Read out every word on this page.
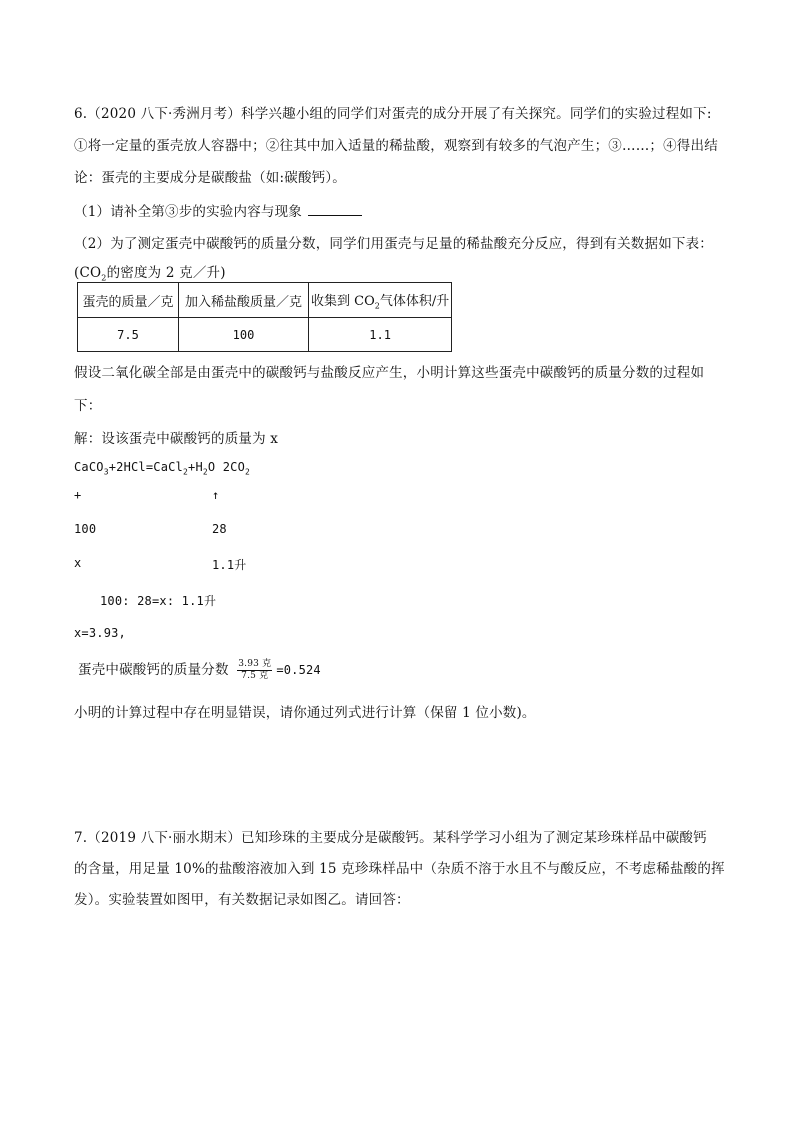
6.（2020 八下·秀洲月考）科学兴趣小组的同学们对蛋壳的成分开展了有关探究。同学们的实验过程如下:
①将一定量的蛋壳放人容器中；②往其中加入适量的稀盐酸，观察到有较多的气泡产生；③……；④得出结
论：蛋壳的主要成分是碳酸盐（如:碳酸钙）。
（1）请补全第③步的实验内容与现象
（2）为了测定蛋壳中碳酸钙的质量分数，同学们用蛋壳与足量的稀盐酸充分反应，得到有关数据如下表：
($CO_2$的密度为 2 克／升)
蛋壳的质量／克	加入稀盐酸质量／克	收集到 $CO_2$气体体积/升
7.5	100	1.1
假设二氧化碳全部是由蛋壳中的碳酸钙与盐酸反应产生，小明计算这些蛋壳中碳酸钙的质量分数的过程如
下：
解：设该蛋壳中碳酸钙的质量为 x
$CaCO_3+2HCl=CaCl_2+H_2O$ $2CO_2$
+	↑
100	28
x	1.1升
100: 28=x: 1.1升
x=3.93,
蛋壳中碳酸钙的质量分数 $\frac{\text{3.93 克}}{\text{7.5 克}} =0.524$
小明的计算过程中存在明显错误，请你通过列式进行计算（保留 1 位小数)。
7.（2019 八下·丽水期末）已知珍珠的主要成分是碳酸钙。某科学学习小组为了测定某珍珠样品中碳酸钙
的含量，用足量 10%的盐酸溶液加入到 15 克珍珠样品中（杂质不溶于水且不与酸反应，不考虑稀盐酸的挥
发）。实验装置如图甲，有关数据记录如图乙。请回答：
